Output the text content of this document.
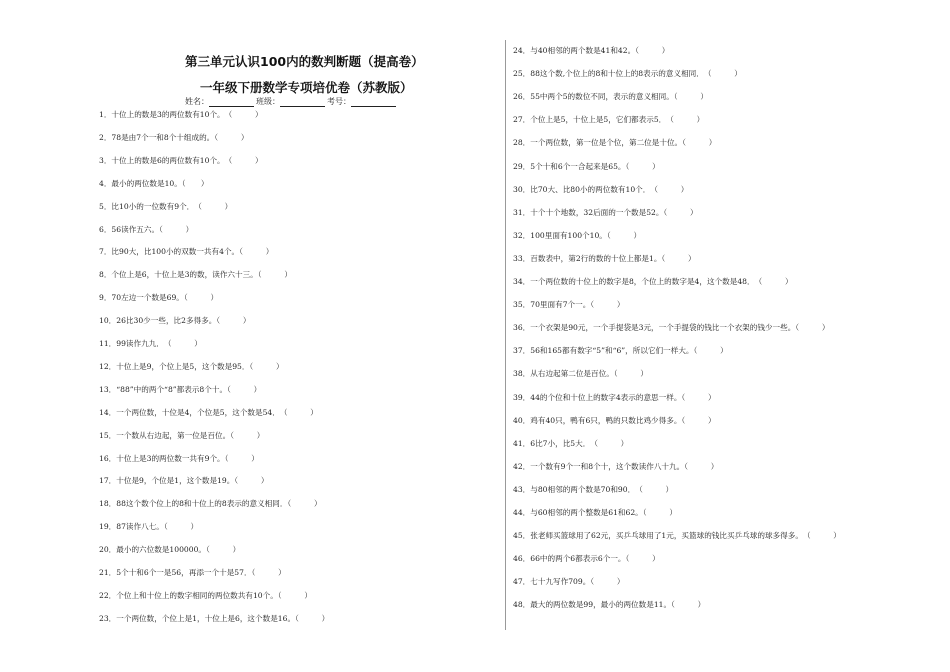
第三单元认识100内的数判断题（提高卷）
一年级下册数学专项培优卷（苏教版）
姓名：	班级：	考号：
1．十位上的数是3的两位数有10个。（　　　）
2．78是由7个一和8个十组成的。（　　　）
3．十位上的数是6的两位数有10个。（　　　）
4．最小的两位数是10。（　　）
5．比10小的一位数有9个．（　　　）
6．56读作五六。（　　　）
7．比90大，比100小的双数一共有4个。（　　　）
8．个位上是6，十位上是3的数，读作六十三。（　　　）
9．70左边一个数是69。（　　　）
10．26比30少一些，比2多得多。（　　　）
11．99读作九九．（　　　）
12．十位上是9，个位上是5，这个数是95．（　　　）
13．“88”中的两个“8”都表示8个十。（　　　）
14．一个两位数，十位是4，个位是5，这个数是54．（　　　）
15．一个数从右边起，第一位是百位。（　　　）
16．十位上是3的两位数一共有9个。（　　　）
17．十位是9，个位是1，这个数是19。（　　　）
18．88这个数个位上的8和十位上的8表示的意义相同．（　　　）
19．87读作八七。（　　　）
20．最小的六位数是100000。（　　　）
21．5个十和6个一是56，再添一个十是57．（　　　）
22．个位上和十位上的数字相同的两位数共有10个。（　　　）
23．一个两位数，个位上是1，十位上是6，这个数是16。（　　　）
24．与40相邻的两个数是41和42。（　　　）
25．88这个数,个位上的8和十位上的8表示的意义相同．（　　　）
26．55中两个5的数位不同，表示的意义相同。（　　　）
27．个位上是5，十位上是5，它们都表示5．（　　　）
28．一个两位数，第一位是个位，第二位是十位。（　　　）
29．5个十和6个一合起来是65。（　　　）
30．比70大、比80小的两位数有10个．（　　　）
31．十个十个地数，32后面的一个数是52。（　　　）
32．100里面有100个10。（　　　）
33．百数表中，第2行的数的十位上都是1。（　　　）
34．一个两位数的十位上的数字是8，个位上的数字是4，这个数是48．（　　　）
35．70里面有7个一。（　　　）
36．一个衣架是90元，一个手提袋是3元，一个手提袋的钱比一个衣架的钱少一些。（　　　）
37．56和165都有数字“5”和“6”，所以它们一样大。（　　　）
38．从右边起第二位是百位。（　　　）
39．44的个位和十位上的数字4表示的意思一样。（　　　）
40．鸡有40只，鸭有6只，鸭的只数比鸡少得多。（　　　）
41．6比7小，比5大．（　　　）
42．一个数有9个一和8个十，这个数读作八十九。（　　　）
43．与80相邻的两个数是70和90．（　　　）
44．与60相邻的两个整数是61和62。（　　　）
45．张老师买篮球用了62元，买乒乓球用了1元，买篮球的钱比买乒乓球的球多得多。（　　　）
46．66中的两个6都表示6个一。（　　　）
47．七十九写作709。（　　　）
48．最大的两位数是99，最小的两位数是11。（　　　）
